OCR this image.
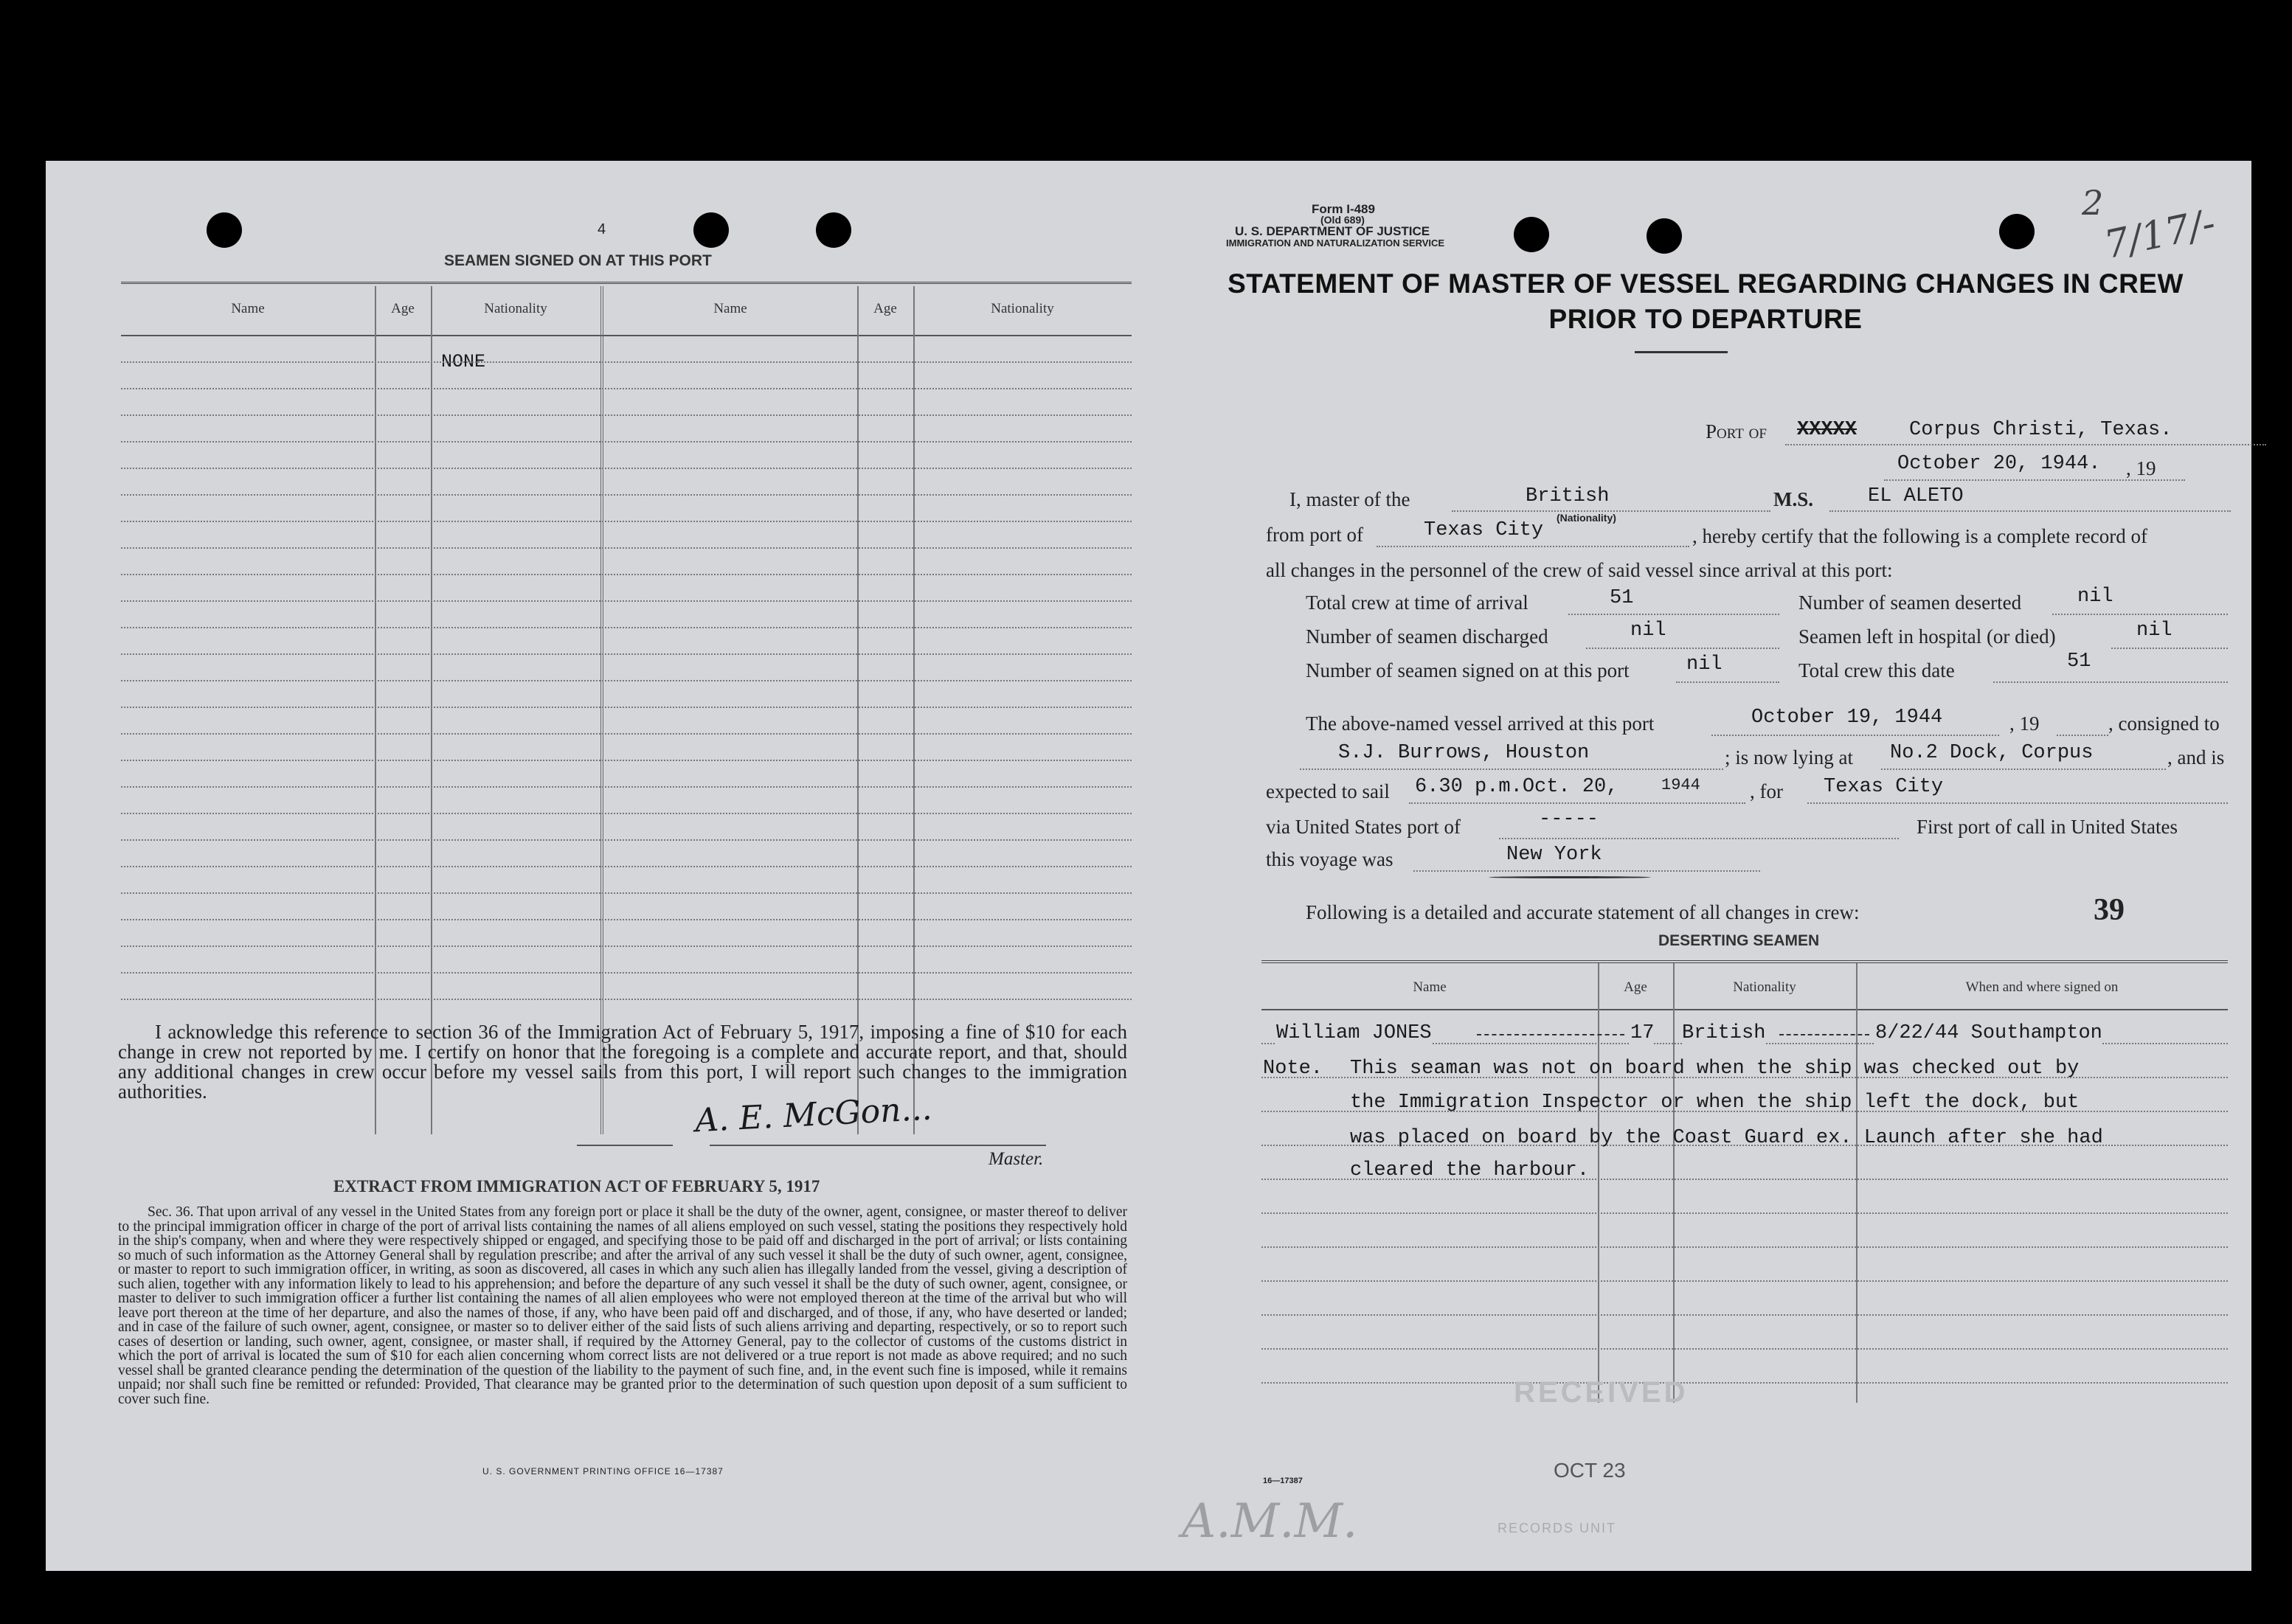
4
SEAMEN SIGNED ON AT THIS PORT
Name	Age	Nationality	Name	Age	Nationality
NONE
I acknowledge this reference to section 36 of the Immigration Act of February 5, 1917, imposing a fine of $10 for each change in crew not reported by me. I certify on honor that the foregoing is a complete and accurate report, and that, should any additional changes in crew occur before my vessel sails from this port, I will report such changes to the immigration authorities.	A. E. McGon...
Master.
EXTRACT FROM IMMIGRATION ACT OF FEBRUARY 5, 1917
Sec. 36. That upon arrival of any vessel in the United States from any foreign port or place it shall be the duty of the owner, agent, consignee, or master thereof to deliver to the principal immigration officer in charge of the port of arrival lists containing the names of all aliens employed on such vessel, stating the positions they respectively hold in the ship's company, when and where they were respectively shipped or engaged, and specifying those to be paid off and discharged in the port of arrival; or lists containing so much of such information as the Attorney General shall by regulation prescribe; and after the arrival of any such vessel it shall be the duty of such owner, agent, consignee, or master to report to such immigration officer, in writing, as soon as discovered, all cases in which any such alien has illegally landed from the vessel, giving a description of such alien, together with any information likely to lead to his apprehension; and before the departure of any such vessel it shall be the duty of such owner, agent, consignee, or master to deliver to such immigration officer a further list containing the names of all alien employees who were not employed thereon at the time of the arrival but who will leave port thereon at the time of her departure, and also the names of those, if any, who have been paid off and discharged, and of those, if any, who have deserted or landed; and in case of the failure of such owner, agent, consignee, or master so to deliver either of the said lists of such aliens arriving and departing, respectively, or so to report such cases of desertion or landing, such owner, agent, consignee, or master shall, if required by the Attorney General, pay to the collector of customs of the customs district in which the port of arrival is located the sum of $10 for each alien concerning whom correct lists are not delivered or a true report is not made as above required; and no such vessel shall be granted clearance pending the determination of the question of the liability to the payment of such fine, and, in the event such fine is imposed, while it remains unpaid; nor shall such fine be remitted or refunded: Provided, That clearance may be granted prior to the determination of such question upon deposit of a sum sufficient to cover such fine.
U. S. GOVERNMENT PRINTING OFFICE 16—17387
Form I-489
(Old 689)
U. S. DEPARTMENT OF JUSTICE
IMMIGRATION AND NATURALIZATION SERVICE
2
7/17/-
STATEMENT OF MASTER OF VESSEL REGARDING CHANGES IN CREW
PRIOR TO DEPARTURE
Port of XXXXX	Corpus Christi, Texas.
October 20, 1944. , 19
I, master of the	British
(Nationality)
M.S.	EL ALETO
from port of	Texas City	, hereby certify that the following is a complete record of
all changes in the personnel of the crew of said vessel since arrival at this port:
Total crew at time of arrival	51	Number of seamen deserted	nil
Number of seamen discharged	nil	Seamen left in hospital (or died)	nil
Number of seamen signed on at this port	nil	Total crew this date	51
The above-named vessel arrived at this port	October 19, 1944	, 19	, consigned to
S.J. Burrows, Houston	; is now lying at No.2 Dock, Corpus	, and is
expected to sail 6.30 p.m.Oct. 20,	1944 , for Texas City
via United States port of	-----	First port of call in United States
this voyage was	New York
Following is a detailed and accurate statement of all changes in crew:	39
DESERTING SEAMEN
Name	Age	Nationality	When and where signed on
William JONES	17 British	8/22/44 Southampton
Note. This seaman was not on board when the ship was checked out by
the Immigration Inspector or when the ship left the dock, but
was placed on board by the Coast Guard ex. Launch after she had
cleared the harbour.
RECEIVED
OCT 23
16—17387
RECORDS UNIT
A.M.M.
